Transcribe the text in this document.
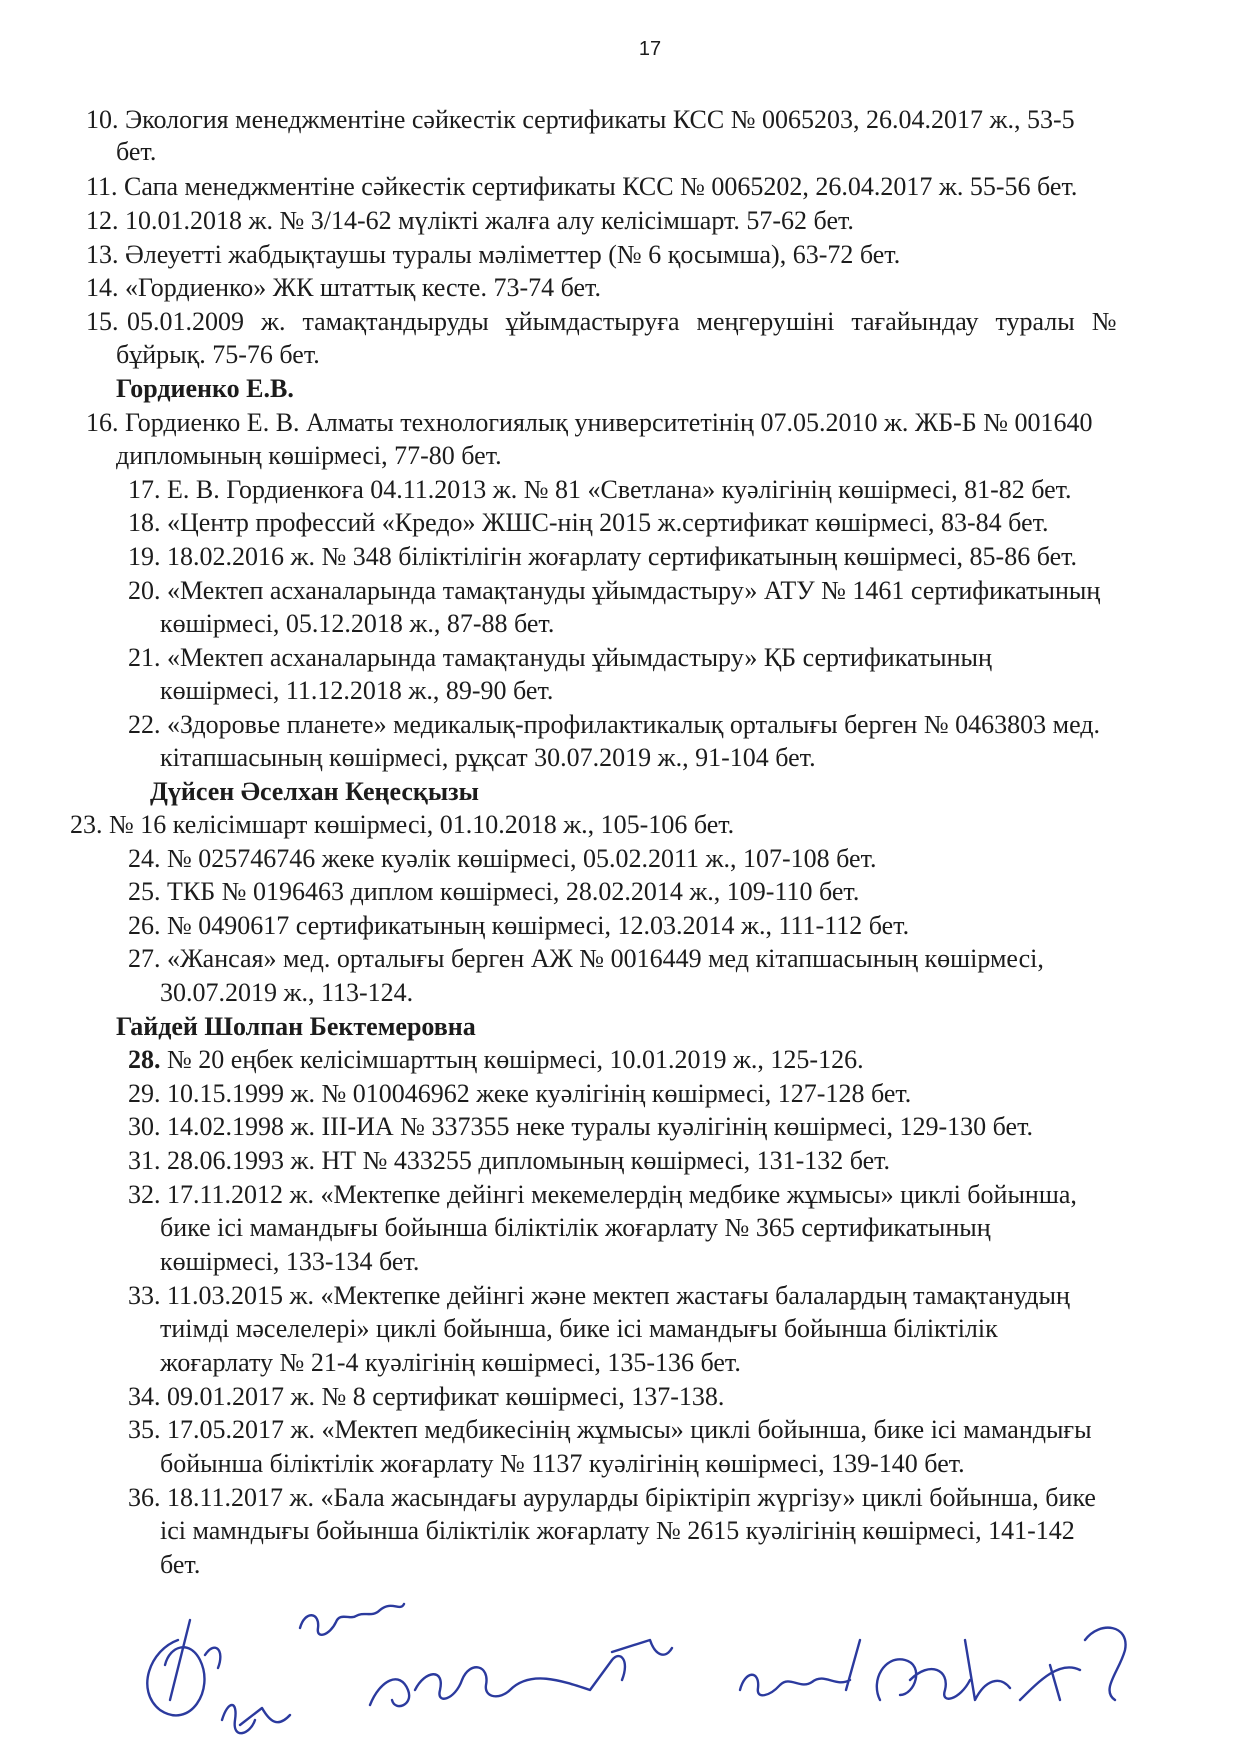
17
10. Экология менеджментіне сәйкестік сертификаты КСС № 0065203, 26.04.2017 ж., 53-5
бет.
11. Сапа менеджментіне сәйкестік сертификаты КСС № 0065202, 26.04.2017 ж. 55-56 бет.
12. 10.01.2018 ж. № 3/14-62 мүлікті жалға алу келісімшарт. 57-62 бет.
13. Әлеуетті жабдықтаушы туралы мәліметтер (№ 6 қосымша), 63-72 бет.
14. «Гордиенко» ЖК штаттық кесте. 73-74 бет.
15. 05.01.2009  ж.  тамақтандыруды  ұйымдастыруға  меңгерушіні  тағайындау  туралы  №
бұйрық. 75-76 бет.
Гордиенко Е.В.
16. Гордиенко Е. В. Алматы технологиялық университетінің 07.05.2010 ж. ЖБ-Б № 001640
дипломының көшірмесі, 77-80 бет.
17. Е. В. Гордиенкоға 04.11.2013 ж. № 81 «Светлана» куәлігінің көшірмесі, 81-82 бет.
18. «Центр профессий «Кредо» ЖШС-нің 2015 ж.сертификат көшірмесі, 83-84 бет.
19. 18.02.2016 ж. № 348 біліктілігін жоғарлату сертификатының көшірмесі, 85-86 бет.
20. «Мектеп асханаларында тамақтануды ұйымдастыру» АТУ № 1461 сертификатының
көшірмесі, 05.12.2018 ж., 87-88 бет.
21. «Мектеп асханаларында тамақтануды ұйымдастыру» ҚБ сертификатының
көшірмесі, 11.12.2018 ж., 89-90 бет.
22. «Здоровье планете» медикалық-профилактикалық орталығы берген № 0463803 мед.
кітапшасының көшірмесі, рұқсат 30.07.2019 ж., 91-104 бет.
Дүйсен Әселхан Кеңесқызы
23. № 16 келісімшарт көшірмесі, 01.10.2018 ж., 105-106 бет.
24. № 025746746 жеке куәлік көшірмесі, 05.02.2011 ж., 107-108 бет.
25. ТКБ № 0196463 диплом көшірмесі, 28.02.2014 ж., 109-110 бет.
26. № 0490617 сертификатының көшірмесі, 12.03.2014 ж., 111-112 бет.
27. «Жансая» мед. орталығы берген АЖ № 0016449 мед кітапшасының көшірмесі,
30.07.2019 ж., 113-124.
Гайдей Шолпан Бектемеровна
28. № 20 еңбек келісімшарттың көшірмесі, 10.01.2019 ж., 125-126.
29. 10.15.1999 ж. № 010046962 жеке куәлігінің көшірмесі, 127-128 бет.
30. 14.02.1998 ж. ІІІ-ИА № 337355 неке туралы куәлігінің көшірмесі, 129-130 бет.
31. 28.06.1993 ж. НТ № 433255 дипломының көшірмесі, 131-132 бет.
32. 17.11.2012 ж. «Мектепке дейінгі мекемелердің медбике жұмысы» циклі бойынша,
бике ісі мамандығы бойынша біліктілік жоғарлату № 365 сертификатының
көшірмесі, 133-134 бет.
33. 11.03.2015 ж. «Мектепке дейінгі және мектеп жастағы балалардың тамақтанудың
тиімді мәселелері» циклі бойынша, бике ісі мамандығы бойынша біліктілік
жоғарлату № 21-4 куәлігінің көшірмесі, 135-136 бет.
34. 09.01.2017 ж. № 8 сертификат көшірмесі, 137-138.
35. 17.05.2017 ж. «Мектеп медбикесінің жұмысы» циклі бойынша, бике ісі мамандығы
бойынша біліктілік жоғарлату № 1137 куәлігінің көшірмесі, 139-140 бет.
36. 18.11.2017 ж. «Бала жасындағы ауруларды біріктіріп жүргізу» циклі бойынша, бике
ісі мамндығы бойынша біліктілік жоғарлату № 2615 куәлігінің көшірмесі, 141-142
бет.
